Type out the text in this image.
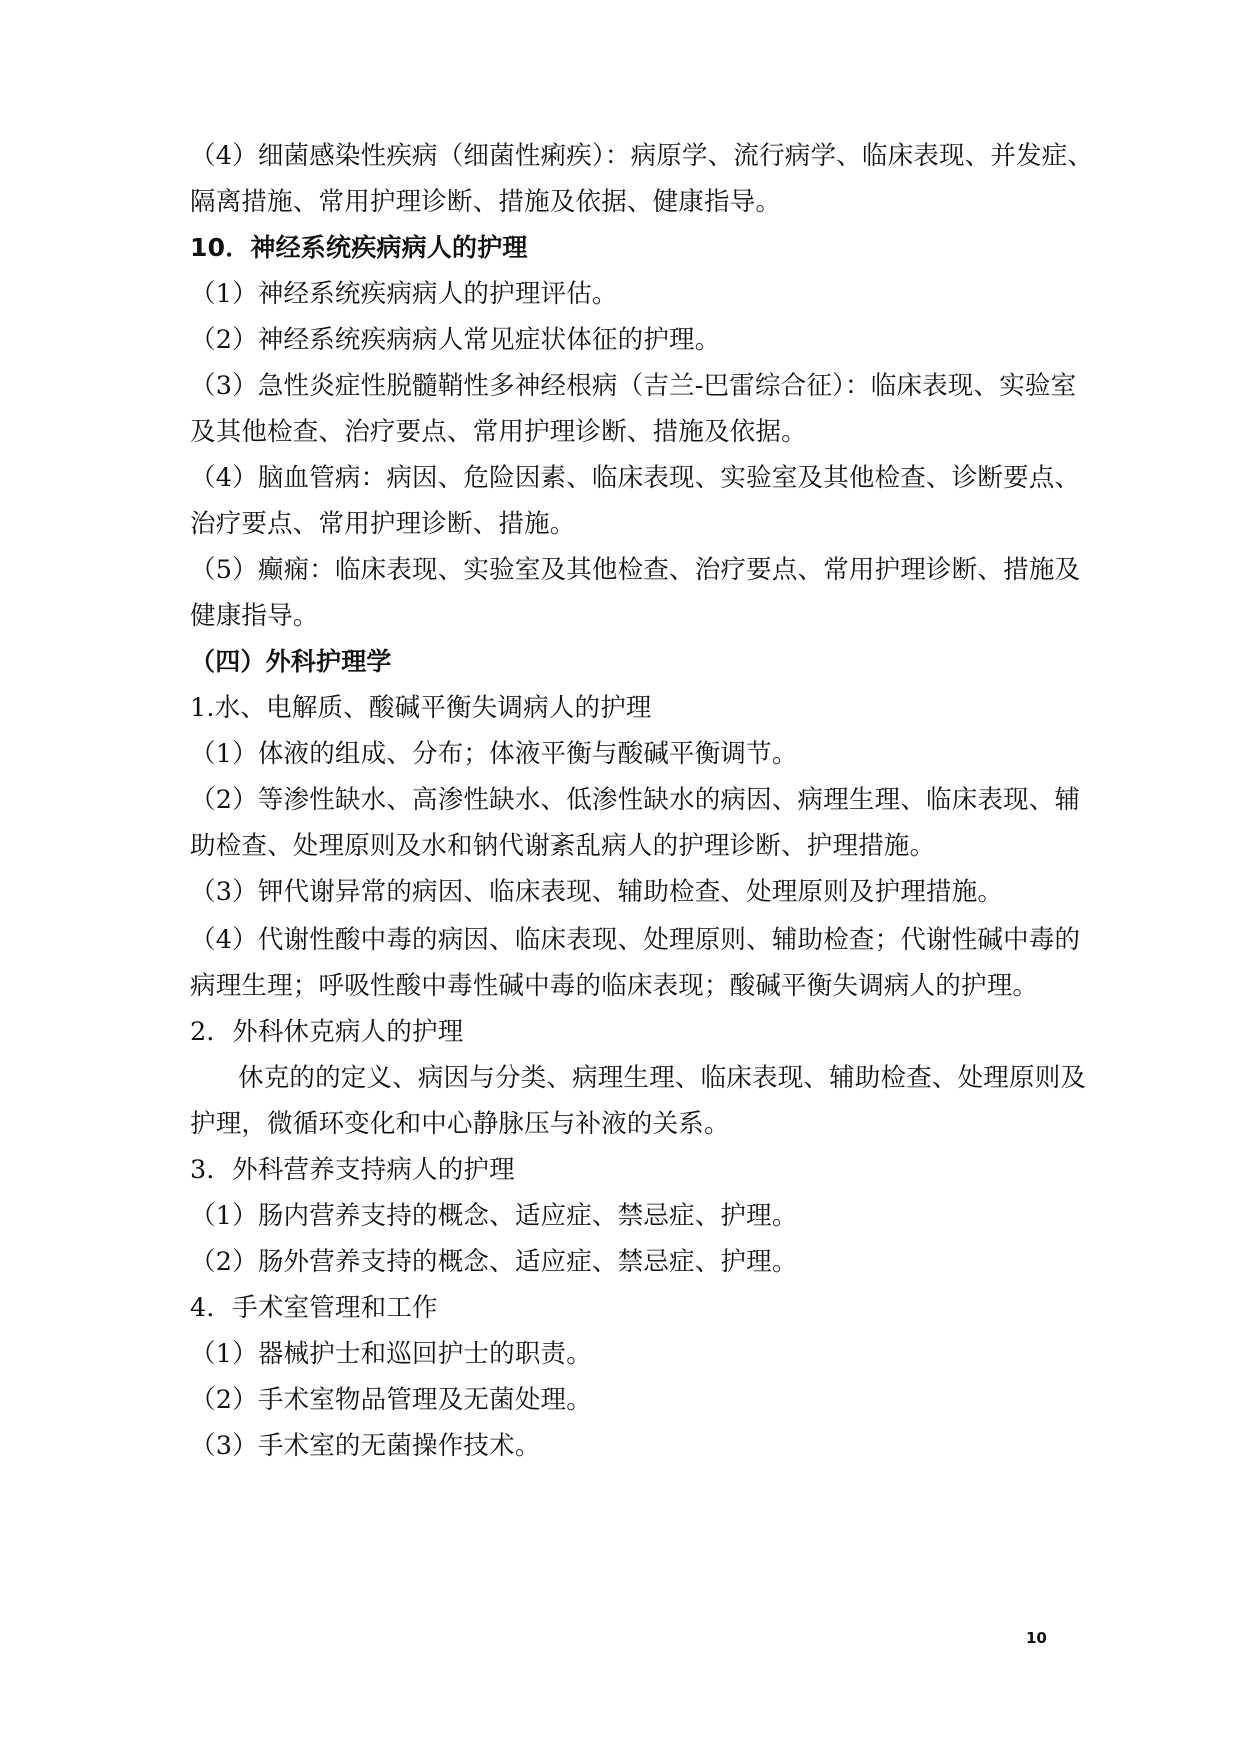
（4）细菌感染性疾病（细菌性痢疾）：病原学、流行病学、临床表现、并发症、
隔离措施、常用护理诊断、措施及依据、健康指导。
10．神经系统疾病病人的护理
（1）神经系统疾病病人的护理评估。
（2）神经系统疾病病人常见症状体征的护理。
（3）急性炎症性脱髓鞘性多神经根病（吉兰-巴雷综合征）：临床表现、实验室
及其他检查、治疗要点、常用护理诊断、措施及依据。
（4）脑血管病：病因、危险因素、临床表现、实验室及其他检查、诊断要点、
治疗要点、常用护理诊断、措施。
（5）癫痫：临床表现、实验室及其他检查、治疗要点、常用护理诊断、措施及
健康指导。
（四）外科护理学
1.水、电解质、酸碱平衡失调病人的护理
（1）体液的组成、分布；体液平衡与酸碱平衡调节。
（2）等渗性缺水、高渗性缺水、低渗性缺水的病因、病理生理、临床表现、辅
助检查、处理原则及水和钠代谢紊乱病人的护理诊断、护理措施。
（3）钾代谢异常的病因、临床表现、辅助检查、处理原则及护理措施。
（4）代谢性酸中毒的病因、临床表现、处理原则、辅助检查；代谢性碱中毒的
病理生理；呼吸性酸中毒性碱中毒的临床表现；酸碱平衡失调病人的护理。
2．外科休克病人的护理
休克的的定义、病因与分类、病理生理、临床表现、辅助检查、处理原则及
护理，微循环变化和中心静脉压与补液的关系。
3．外科营养支持病人的护理
（1）肠内营养支持的概念、适应症、禁忌症、护理。
（2）肠外营养支持的概念、适应症、禁忌症、护理。
4．手术室管理和工作
（1）器械护士和巡回护士的职责。
（2）手术室物品管理及无菌处理。
（3）手术室的无菌操作技术。
10
